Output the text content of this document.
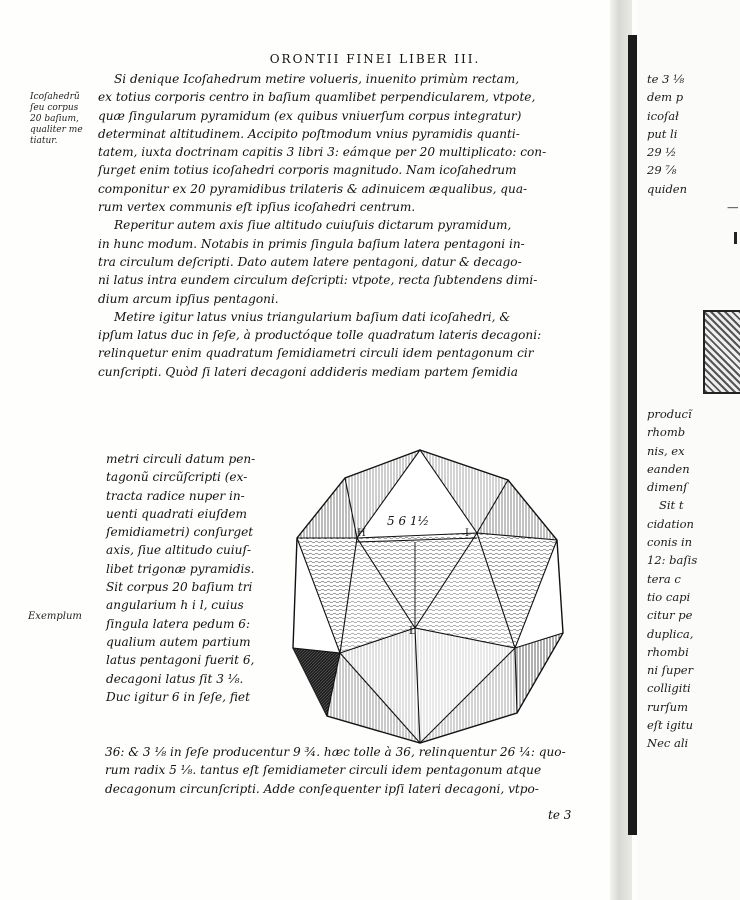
ORONTII FINEI LIBER III.
Icoſahedrũ
ſeu corpus
20 baſium,
qualiter me
tiatur.
Exemplum
Si denique Icoſahedrum metire volueris, inuenito primùm rectam,
ex totius corporis centro in baſium quamlibet perpendicularem, vtpote,
quæ ſingularum pyramidum (ex quibus vniuerſum corpus integratur)
determinat altitudinem. Accipito poſtmodum vnius pyramidis quanti-
tatem, iuxta doctrinam capitis 3 libri 3: eámque per 20 multiplicato: con-
ſurget enim totius icoſahedri corporis magnitudo. Nam icoſahedrum
componitur ex 20 pyramidibus trilateris & adinuicem æqualibus, qua-
rum vertex communis eſt ipſius icoſahedri centrum.
Reperitur autem axis ſiue altitudo cuiuſuis dictarum pyramidum,
in hunc modum. Notabis in primis ſingula baſium latera pentagoni in-
tra circulum deſcripti. Dato autem latere pentagoni, datur & decago-
ni latus intra eundem circulum deſcripti: vtpote, recta ſubtendens dimi-
dium arcum ipſius pentagoni.
Metire igitur latus vnius triangularium baſium dati icoſahedri, &
ipſum latus duc in ſeſe, à productóque tolle quadratum lateris decagoni:
relinquetur enim quadratum ſemidiametri circuli idem pentagonum cir
cunſcripti. Quòd ſi lateri decagoni addideris mediam partem ſemidia
metri circuli datum pen-
tagonũ circũſcripti (ex-
tracta radice nuper in-
uenti quadrati eiuſdem
ſemidiametri) conſurget
axis, ſiue altitudo cuiuſ-
libet trigonæ pyramidis.
Sit corpus 20 baſium tri
angularium h i l, cuius
ſingula latera pedum 6:
qualium autem partium
latus pentagoni fuerit 6,
decagoni latus ſit 3 ⅛.
Duc igitur 6 in ſeſe, fiet
5 6 1½
H	I
L
36: & 3 ⅛ in ſeſe producentur 9 ¾. hæc tolle à 36, relinquentur 26 ¼: quo-
rum radix 5 ⅛. tantus eſt ſemidiameter circuli idem pentagonum atque
decagonum circunſcripti. Adde conſequenter ipſi lateri decagoni, vtpo-
te 3
te 3 ⅛
dem p
icoſał
put li
29 ½
29 ⅞
quiden
—
producĩ
rhomb
nis, ex
eanden
dimenſ
Sit t
cidation
conis in
12: baſis
tera c
tio capi
citur pe
duplica,
rhombi
ni ſuper
colligiti
rurſum
eſt igitu
Nec ali
